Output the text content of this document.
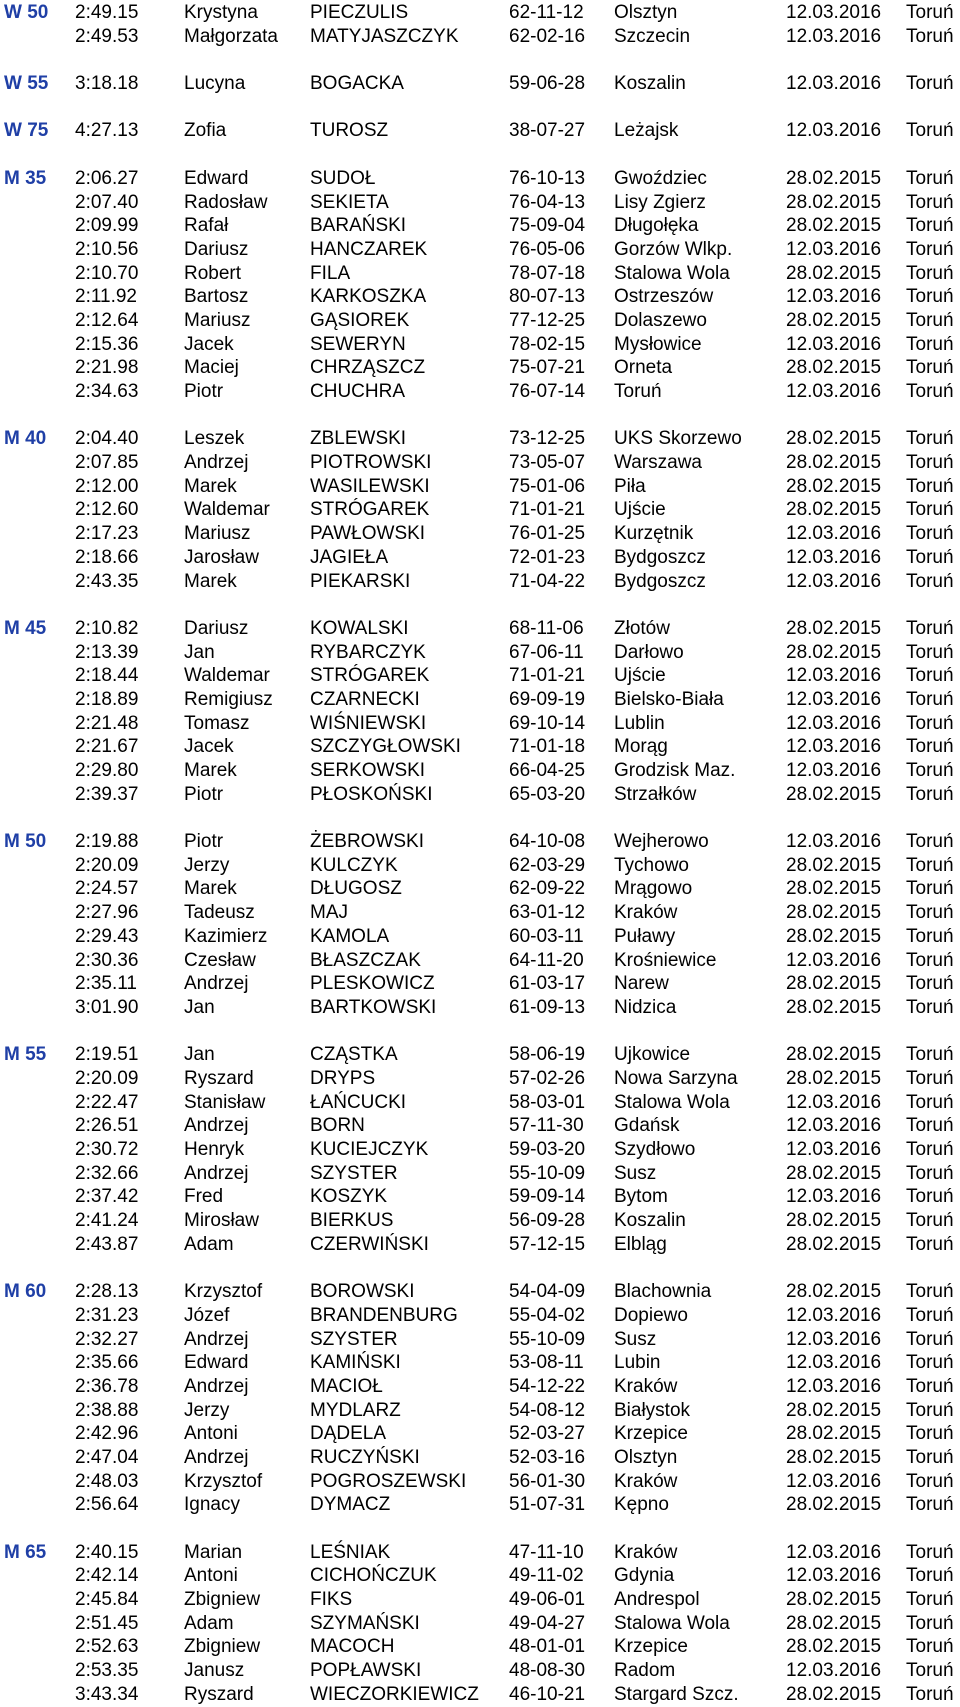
W 50 2:49.15 Krystyna	PIECZULIS	62-11-12 Olsztyn	12.03.2016 Toruń
2:49.53 Małgorzata MATYJASZCZYK	62-02-16 Szczecin	12.03.2016 Toruń
W 55 3:18.18 Lucyna	BOGACKA	59-06-28 Koszalin	12.03.2016 Toruń
W 75 4:27.13 Zofia	TUROSZ	38-07-27 Leżajsk	12.03.2016 Toruń
M 35 2:06.27 Edward	SUDOŁ	76-10-13 Gwoździec	28.02.2015 Toruń
2:07.40 Radosław SEKIETA	76-04-13 Lisy Zgierz	28.02.2015 Toruń
2:09.99 Rafał	BARAŃSKI	75-09-04 Długołęka	28.02.2015 Toruń
2:10.56 Dariusz	HANCZAREK	76-05-06 Gorzów Wlkp.	12.03.2016 Toruń
2:10.70 Robert	FILA	78-07-18 Stalowa Wola	28.02.2015 Toruń
2:11.92 Bartosz	KARKOSZKA	80-07-13 Ostrzeszów	12.03.2016 Toruń
2:12.64 Mariusz	GĄSIOREK	77-12-25 Dolaszewo	28.02.2015 Toruń
2:15.36 Jacek	SEWERYN	78-02-15 Mysłowice	12.03.2016 Toruń
2:21.98 Maciej	CHRZĄSZCZ	75-07-21 Orneta	28.02.2015 Toruń
2:34.63 Piotr	CHUCHRA	76-07-14 Toruń	12.03.2016 Toruń
M 40 2:04.40 Leszek	ZBLEWSKI	73-12-25 UKS Skorzewo 28.02.2015 Toruń
2:07.85 Andrzej	PIOTROWSKI	73-05-07 Warszawa	28.02.2015 Toruń
2:12.00 Marek	WASILEWSKI	75-01-06 Piła	28.02.2015 Toruń
2:12.60 Waldemar STRÓGAREK	71-01-21 Ujście	28.02.2015 Toruń
2:17.23 Mariusz	PAWŁOWSKI	76-01-25 Kurzętnik	12.03.2016 Toruń
2:18.66 Jarosław	JAGIEŁA	72-01-23 Bydgoszcz	12.03.2016 Toruń
2:43.35 Marek	PIEKARSKI	71-04-22 Bydgoszcz	12.03.2016 Toruń
M 45 2:10.82 Dariusz	KOWALSKI	68-11-06 Złotów	28.02.2015 Toruń
2:13.39 Jan	RYBARCZYK	67-06-11 Darłowo	28.02.2015 Toruń
2:18.44 Waldemar STRÓGAREK	71-01-21 Ujście	12.03.2016 Toruń
2:18.89 Remigiusz CZARNECKI	69-09-19 Bielsko-Biała	12.03.2016 Toruń
2:21.48 Tomasz	WIŚNIEWSKI	69-10-14 Lublin	12.03.2016 Toruń
2:21.67 Jacek	SZCZYGŁOWSKI	71-01-18 Morąg	12.03.2016 Toruń
2:29.80 Marek	SERKOWSKI	66-04-25 Grodzisk Maz.	12.03.2016 Toruń
2:39.37 Piotr	PŁOSKOŃSKI	65-03-20 Strzałków	28.02.2015 Toruń
M 50 2:19.88 Piotr	ŻEBROWSKI	64-10-08 Wejherowo	12.03.2016 Toruń
2:20.09 Jerzy	KULCZYK	62-03-29 Tychowo	28.02.2015 Toruń
2:24.57 Marek	DŁUGOSZ	62-09-22 Mrągowo	28.02.2015 Toruń
2:27.96 Tadeusz	MAJ	63-01-12 Kraków	28.02.2015 Toruń
2:29.43 Kazimierz KAMOLA	60-03-11 Puławy	28.02.2015 Toruń
2:30.36 Czesław	BŁASZCZAK	64-11-20 Krośniewice	12.03.2016 Toruń
2:35.11 Andrzej	PLESKOWICZ	61-03-17 Narew	28.02.2015 Toruń
3:01.90 Jan	BARTKOWSKI	61-09-13 Nidzica	28.02.2015 Toruń
M 55 2:19.51 Jan	CZĄSTKA	58-06-19 Ujkowice	28.02.2015 Toruń
2:20.09 Ryszard	DRYPS	57-02-26 Nowa Sarzyna	28.02.2015 Toruń
2:22.47 Stanisław ŁAŃCUCKI	58-03-01 Stalowa Wola	12.03.2016 Toruń
2:26.51 Andrzej	BORN	57-11-30 Gdańsk	12.03.2016 Toruń
2:30.72 Henryk	KUCIEJCZYK	59-03-20 Szydłowo	12.03.2016 Toruń
2:32.66 Andrzej	SZYSTER	55-10-09 Susz	28.02.2015 Toruń
2:37.42 Fred	KOSZYK	59-09-14 Bytom	12.03.2016 Toruń
2:41.24 Mirosław	BIERKUS	56-09-28 Koszalin	28.02.2015 Toruń
2:43.87 Adam	CZERWIŃSKI	57-12-15 Elbląg	28.02.2015 Toruń
M 60 2:28.13 Krzysztof	BOROWSKI	54-04-09 Blachownia	28.02.2015 Toruń
2:31.23 Józef	BRANDENBURG	55-04-02 Dopiewo	12.03.2016 Toruń
2:32.27 Andrzej	SZYSTER	55-10-09 Susz	12.03.2016 Toruń
2:35.66 Edward	KAMIŃSKI	53-08-11 Lubin	12.03.2016 Toruń
2:36.78 Andrzej	MACIOŁ	54-12-22 Kraków	12.03.2016 Toruń
2:38.88 Jerzy	MYDLARZ	54-08-12 Białystok	28.02.2015 Toruń
2:42.96 Antoni	DĄDELA	52-03-27 Krzepice	28.02.2015 Toruń
2:47.04 Andrzej	RUCZYŃSKI	52-03-16 Olsztyn	28.02.2015 Toruń
2:48.03 Krzysztof	POGROSZEWSKI 56-01-30 Kraków	12.03.2016 Toruń
2:56.64 Ignacy	DYMACZ	51-07-31 Kępno	28.02.2015 Toruń
M 65 2:40.15 Marian	LEŚNIAK	47-11-10 Kraków	12.03.2016 Toruń
2:42.14 Antoni	CICHOŃCZUK	49-11-02 Gdynia	12.03.2016 Toruń
2:45.84 Zbigniew	FIKS	49-06-01 Andrespol	28.02.2015 Toruń
2:51.45 Adam	SZYMAŃSKI	49-04-27 Stalowa Wola	28.02.2015 Toruń
2:52.63 Zbigniew	MACOCH	48-01-01 Krzepice	28.02.2015 Toruń
2:53.35 Janusz	POPŁAWSKI	48-08-30 Radom	12.03.2016 Toruń
3:43.34 Ryszard	WIECZORKIEWICZ 46-10-21 Stargard Szcz. 28.02.2015 Toruń
